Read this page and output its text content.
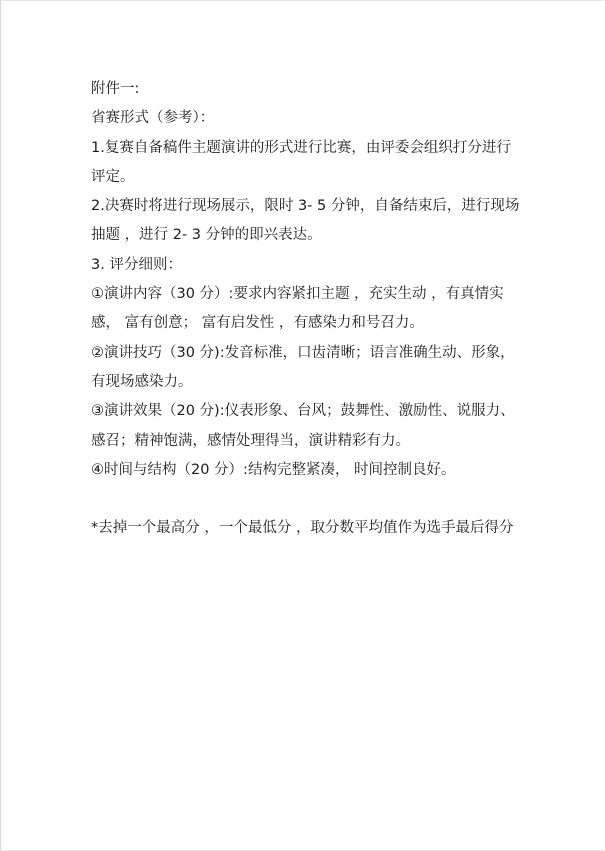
附件一:

省赛形式（参考）：

1.复赛自备稿件主题演讲的形式进行比赛，由评委会组织打分进行评定。

2.决赛时将进行现场展示，限时 3- 5 分钟，自备结束后，进行现场抽题 ，进行 2- 3 分钟的即兴表达。

3. 评分细则：

①演讲内容（30 分）:要求内容紧扣主题 ，充实生动 ，有真情实感， 富有创意； 富有启发性 ，有感染力和号召力。

②演讲技巧（30 分):发音标准，口齿清晰；语言准确生动、形象，有现场感染力。

③演讲效果（20 分):仪表形象、台风；鼓舞性、激励性、说服力、感召；精神饱满，感情处理得当，演讲精彩有力。

④时间与结构（20 分）:结构完整紧凑， 时间控制良好。

*去掉一个最高分 ，一个最低分 ，取分数平均值作为选手最后得分
